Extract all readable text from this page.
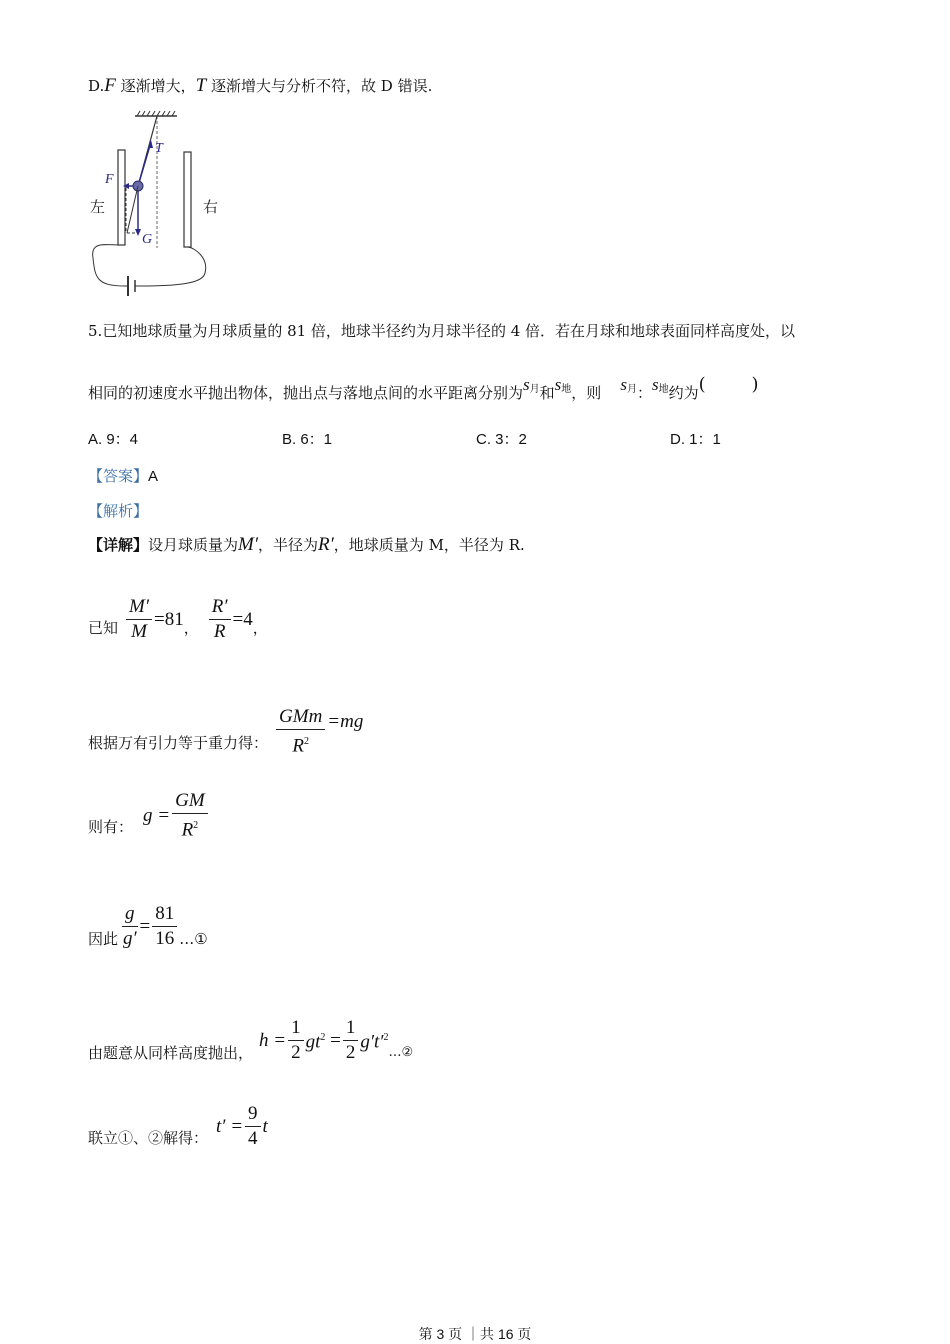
D.F 逐渐增大，T 逐渐增大与分析不符，故 D 错误.
T
F
G
左	右
5.已知地球质量为月球质量的 81 倍，地球半径约为月球半径的 4 倍．若在月球和地球表面同样高度处，以
相同的初速度水平抛出物体，抛出点与落地点间的水平距离分别为$s_月$和$s_地$，则 $s_月$：$s_地$约为(        )
A. 9：4	B. 6：1	C. 3：2	D. 1：1
【答案】A
【解析】
【详解】设月球质量为M′，半径为R′，地球质量为 M，半径为 R.
已知 $\frac{M'}{M} =81$ ， $\frac{R'}{R} =4$ ，
根据万有引力等于重力得： $\frac{\text{GMm}}{R^2} =mg$
则有：
$g = \frac{GM}{R^2}$
因此 $\frac{g}{g'} = \frac{81}{16}$ …①
由题意从同样高度抛出，
$h = \frac{1}{2} gt^2 = \frac{1}{2} g't'^2$
…②
联立①、②解得：
$t' = \frac{9}{4}$ t
第 3 页 ｜共 16 页
